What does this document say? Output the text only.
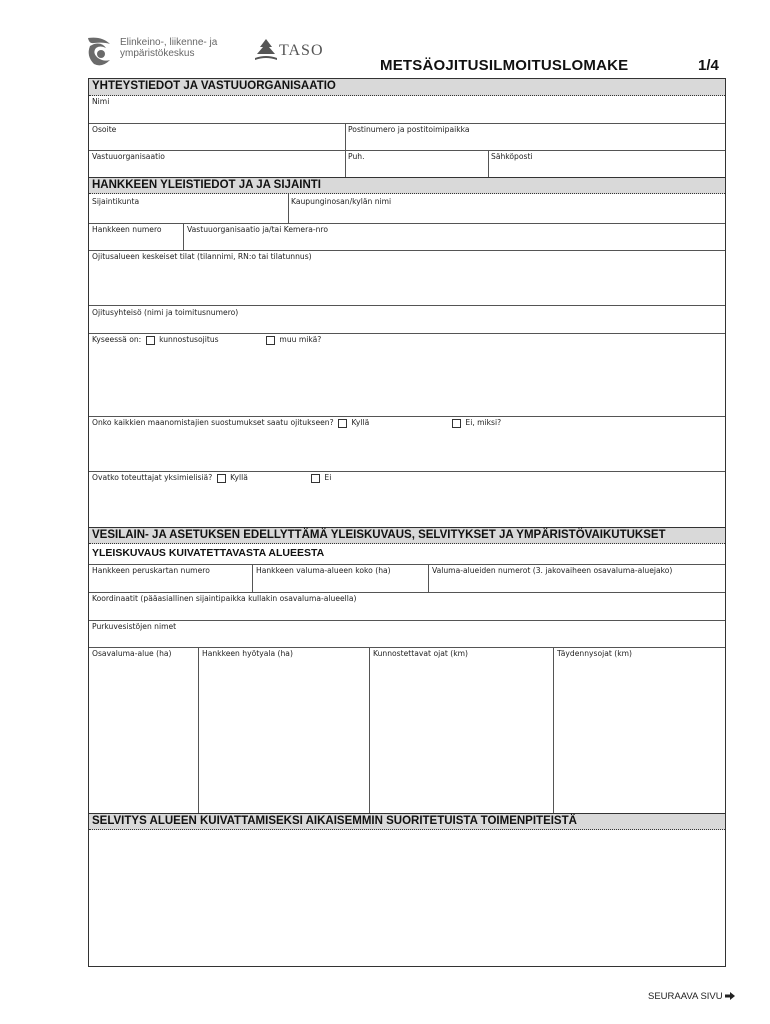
Elinkeino-, liikenne- ja
ympäristökeskus	TASO
METSÄOJITUSILMOITUSLOMAKE	1/4
YHTEYSTIEDOT JA VASTUUORGANISAATIO
Nimi
Osoite	Postinumero ja postitoimipaikka
Vastuuorganisaatio	Puh.	Sähköposti
HANKKEEN YLEISTIEDOT JA JA SIJAINTI
Sijaintikunta	Kaupunginosan/kylän nimi
Hankkeen numero	Vastuuorganisaatio ja/tai Kemera-nro
Ojitusalueen keskeiset tilat (tilannimi, RN:o tai tilatunnus)
Ojitusyhteisö (nimi ja toimitusnumero)
Kyseessä on: kunnostusojitus	muu mikä?
Onko kaikkien maanomistajien suostumukset saatu ojitukseen? Kyllä	Ei, miksi?
Ovatko toteuttajat yksimielisiä? Kyllä	Ei
VESILAIN- JA ASETUKSEN EDELLYTTÄMÄ YLEISKUVAUS, SELVITYKSET JA YMPÄRISTÖVAIKUTUKSET
YLEISKUVAUS KUIVATETTAVASTA ALUEESTA
Hankkeen peruskartan numero	Hankkeen valuma-alueen koko (ha)	Valuma-alueiden numerot (3. jakovaiheen osavaluma-aluejako)
Koordinaatit (pääasiallinen sijaintipaikka kullakin osavaluma-alueella)
Purkuvesistöjen nimet
Osavaluma-alue (ha)	Hankkeen hyötyala (ha)	Kunnostettavat ojat (km)	Täydennysojat (km)
SELVITYS ALUEEN KUIVATTAMISEKSI AIKAISEMMIN SUORITETUISTA TOIMENPITEISTÄ
SEURAAVA SIVU
